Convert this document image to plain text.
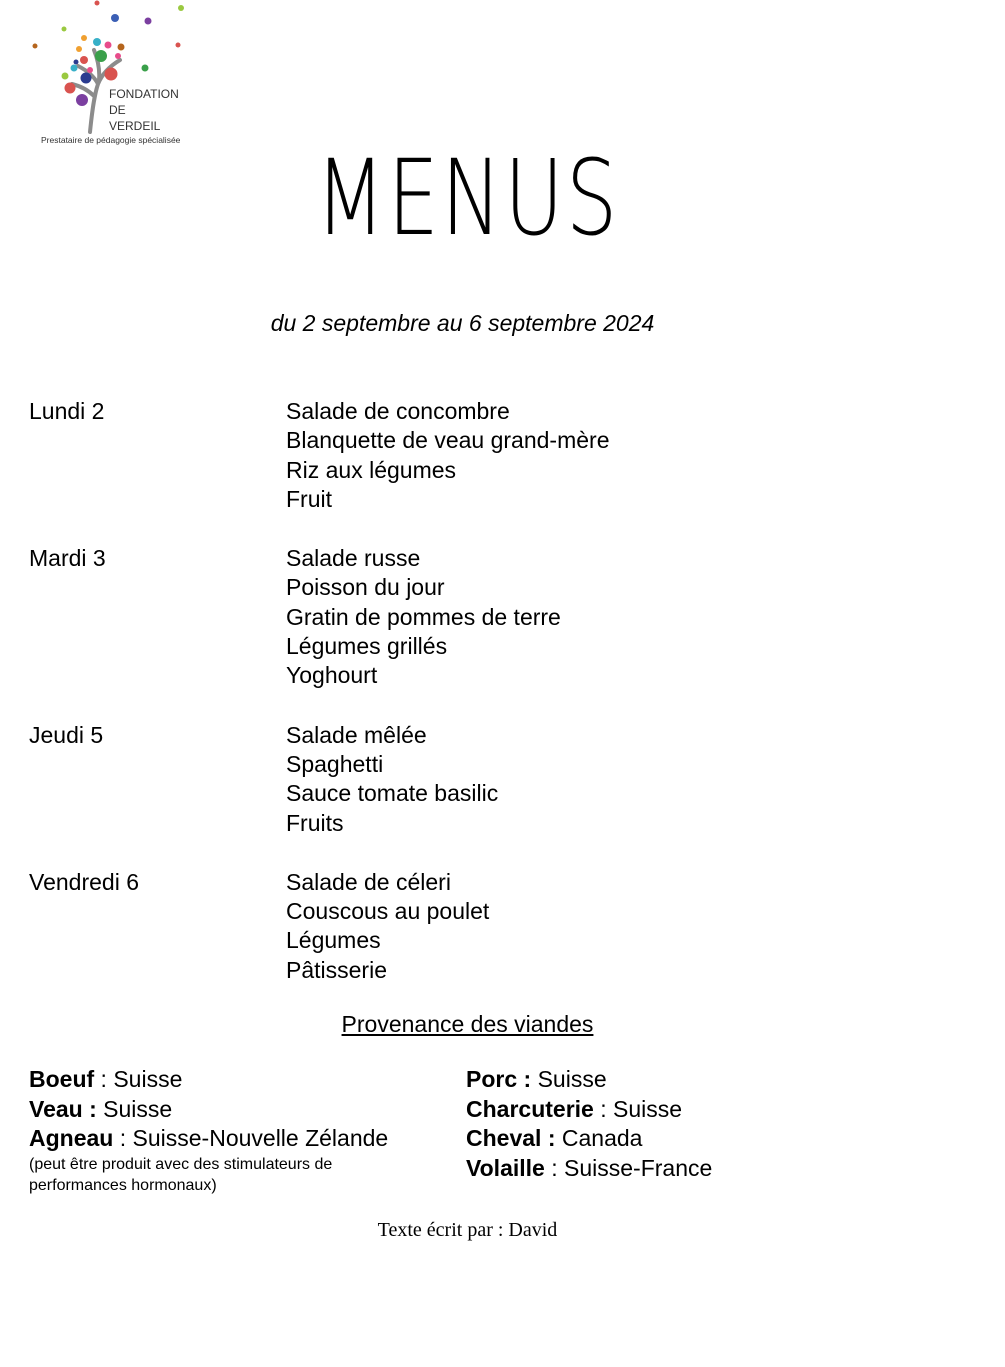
FONDATION
DE
VERDEIL
Prestataire de pédagogie spécialisée	MENUS
du 2 septembre au 6 septembre 2024
Lundi 2	Salade de concombre
Blanquette de veau grand-mère
Riz aux légumes
Fruit
Mardi 3	Salade russe
Poisson du jour
Gratin de pommes de terre
Légumes grillés
Yoghourt
Jeudi 5	Salade mêlée
Spaghetti
Sauce tomate basilic
Fruits
Vendredi 6	Salade de céleri
Couscous au poulet
Légumes
Pâtisserie
Provenance des viandes
Boeuf : Suisse
Veau : Suisse
Agneau : Suisse-Nouvelle Zélande
(peut être produit avec des stimulateurs de performances hormonaux)
Porc : Suisse
Charcuterie : Suisse
Cheval : Canada
Volaille : Suisse-France
Texte écrit par : David
